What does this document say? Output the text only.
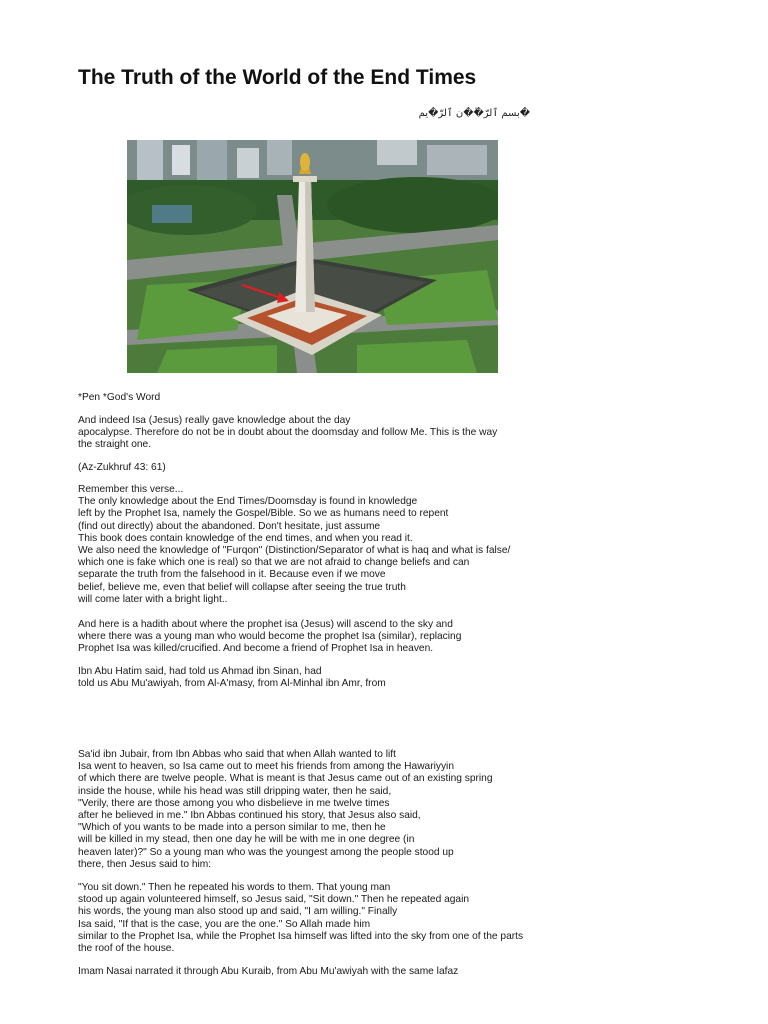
The Truth of the World of the End Times
�بسم ٱلرّ�ٰ�ن ٱلرّ�يم
*Pen *God's Word
And indeed Isa (Jesus) really gave knowledge about the day
apocalypse. Therefore do not be in doubt about the doomsday and follow Me. This is the way
the straight one.
(Az-Zukhruf 43: 61)
Remember this verse...
The only knowledge about the End Times/Doomsday is found in knowledge
left by the Prophet Isa, namely the Gospel/Bible. So we as humans need to repent
(find out directly) about the abandoned. Don't hesitate, just assume
This book does contain knowledge of the end times, and when you read it.
We also need the knowledge of "Furqon" (Distinction/Separator of what is haq and what is false/
which one is fake which one is real) so that we are not afraid to change beliefs and can
separate the truth from the falsehood in it. Because even if we move
belief, believe me, even that belief will collapse after seeing the true truth
will come later with a bright light..
And here is a hadith about where the prophet isa (Jesus) will ascend to the sky and
where there was a young man who would become the prophet Isa (similar), replacing
Prophet Isa was killed/crucified. And become a friend of Prophet Isa in heaven.
Ibn Abu Hatim said, had told us Ahmad ibn Sinan, had
told us Abu Mu'awiyah, from Al-A'masy, from Al-Minhal ibn Amr, from
Sa'id ibn Jubair, from Ibn Abbas who said that when Allah wanted to lift
Isa went to heaven, so Isa came out to meet his friends from among the Hawariyyin
of which there are twelve people. What is meant is that Jesus came out of an existing spring
inside the house, while his head was still dripping water, then he said,
"Verily, there are those among you who disbelieve in me twelve times
after he believed in me." Ibn Abbas continued his story, that Jesus also said,
"Which of you wants to be made into a person similar to me, then he
will be killed in my stead, then one day he will be with me in one degree (in
heaven later)?" So a young man who was the youngest among the people stood up
there, then Jesus said to him:
"You sit down." Then he repeated his words to them. That young man
stood up again volunteered himself, so Jesus said, "Sit down." Then he repeated again
his words, the young man also stood up and said, "I am willing." Finally
Isa said, "If that is the case, you are the one." So Allah made him
similar to the Prophet Isa, while the Prophet Isa himself was lifted into the sky from one of the parts
the roof of the house.
Imam Nasai narrated it through Abu Kuraib, from Abu Mu'awiyah with the same lafaz
